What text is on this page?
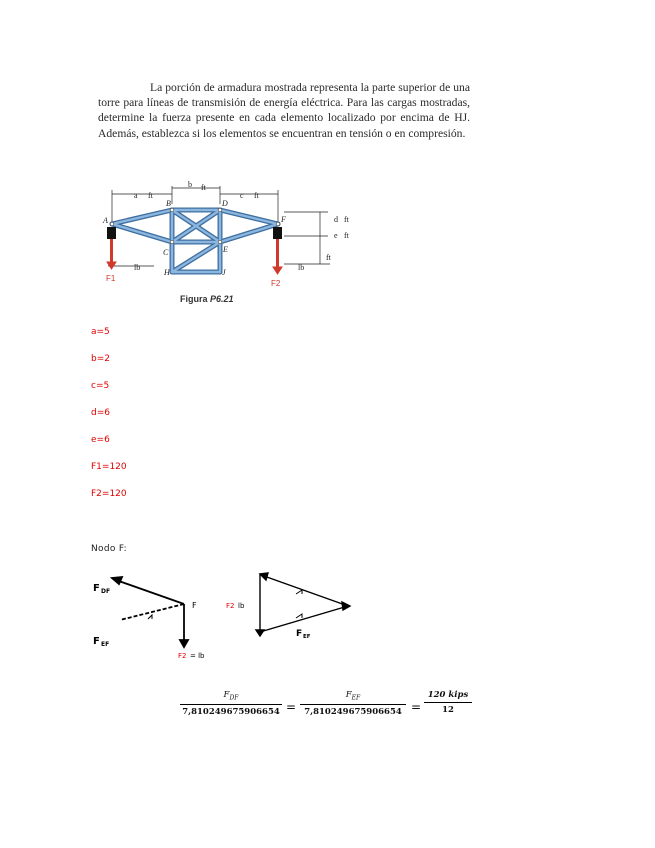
La porción de armadura mostrada representa la parte superior de una torre para líneas de transmisión de energía eléctrica. Para las cargas mostradas, determine la fuerza presente en cada elemento localizado por encima de HJ. Además, establezca si los elementos se encuentran en tensión o en compresión.

a ft
b ft
c ft
d ft
e ft
ft
lb	lb
A
B
C
D
E
F
H	J
F1
F2
Figura P6.21
a=5
b=2
c=5
d=6
e=6
F1=120
F2=120
Nodo F:
F DF
F EF
F
F2 = lb
F2 lb
F EF
$F_{DF}$
7,810249675906654 =
$F_{EF}$
7,810249675906654 =
120 kips
12
